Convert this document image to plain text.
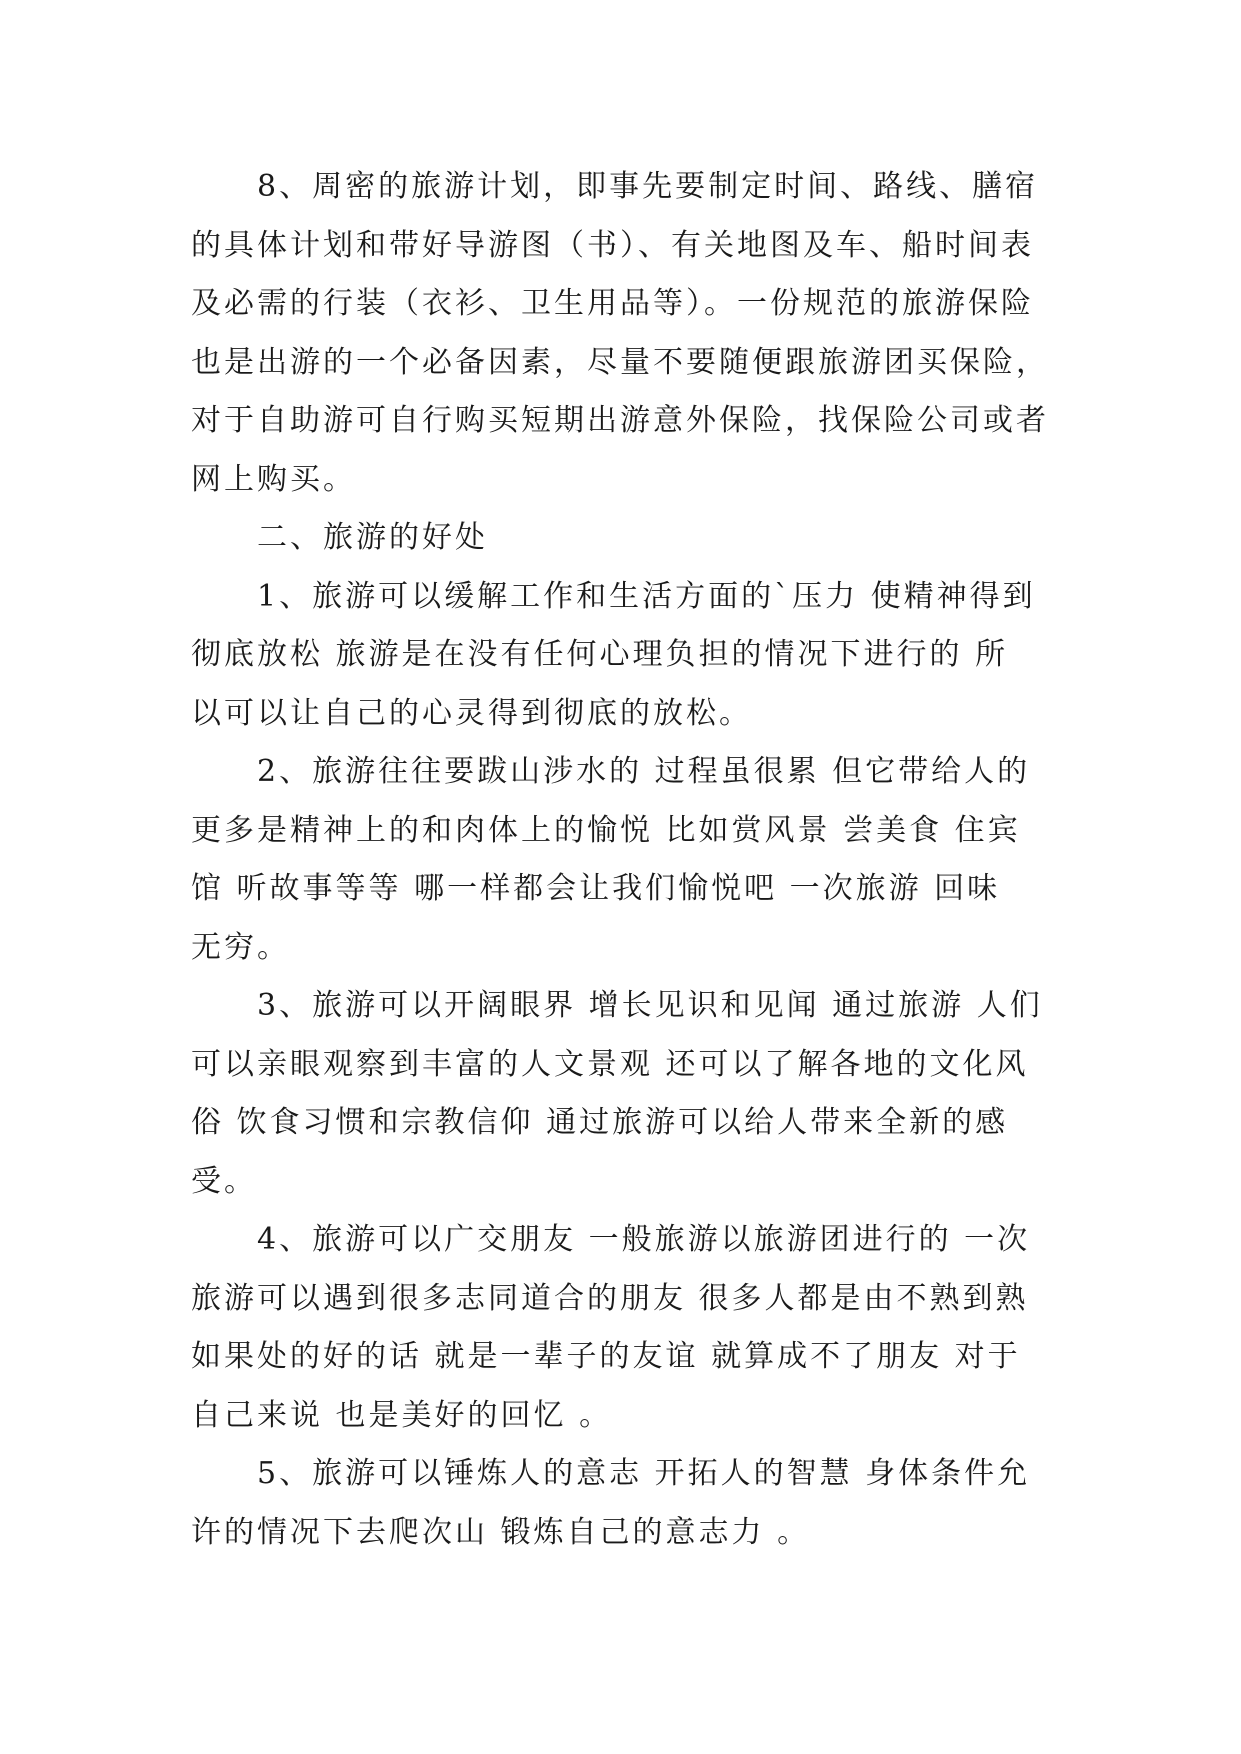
8、周密的旅游计划，即事先要制定时间、路线、膳宿
的具体计划和带好导游图（书）、有关地图及车、船时间表
及必需的行装（衣衫、卫生用品等）。一份规范的旅游保险
也是出游的一个必备因素，尽量不要随便跟旅游团买保险，
对于自助游可自行购买短期出游意外保险，找保险公司或者
网上购买。

二、旅游的好处

1、旅游可以缓解工作和生活方面的`压力 使精神得到
彻底放松 旅游是在没有任何心理负担的情况下进行的 所
以可以让自己的心灵得到彻底的放松。

2、旅游往往要跋山涉水的 过程虽很累 但它带给人的
更多是精神上的和肉体上的愉悦 比如赏风景 尝美食 住宾
馆 听故事等等 哪一样都会让我们愉悦吧 一次旅游 回味
无穷。

3、旅游可以开阔眼界 增长见识和见闻 通过旅游 人们
可以亲眼观察到丰富的人文景观 还可以了解各地的文化风
俗 饮食习惯和宗教信仰 通过旅游可以给人带来全新的感
受。

4、旅游可以广交朋友 一般旅游以旅游团进行的 一次
旅游可以遇到很多志同道合的朋友 很多人都是由不熟到熟
如果处的好的话 就是一辈子的友谊 就算成不了朋友 对于
自己来说 也是美好的回忆 。

5、旅游可以锤炼人的意志 开拓人的智慧 身体条件允
许的情况下去爬次山 锻炼自己的意志力 。
